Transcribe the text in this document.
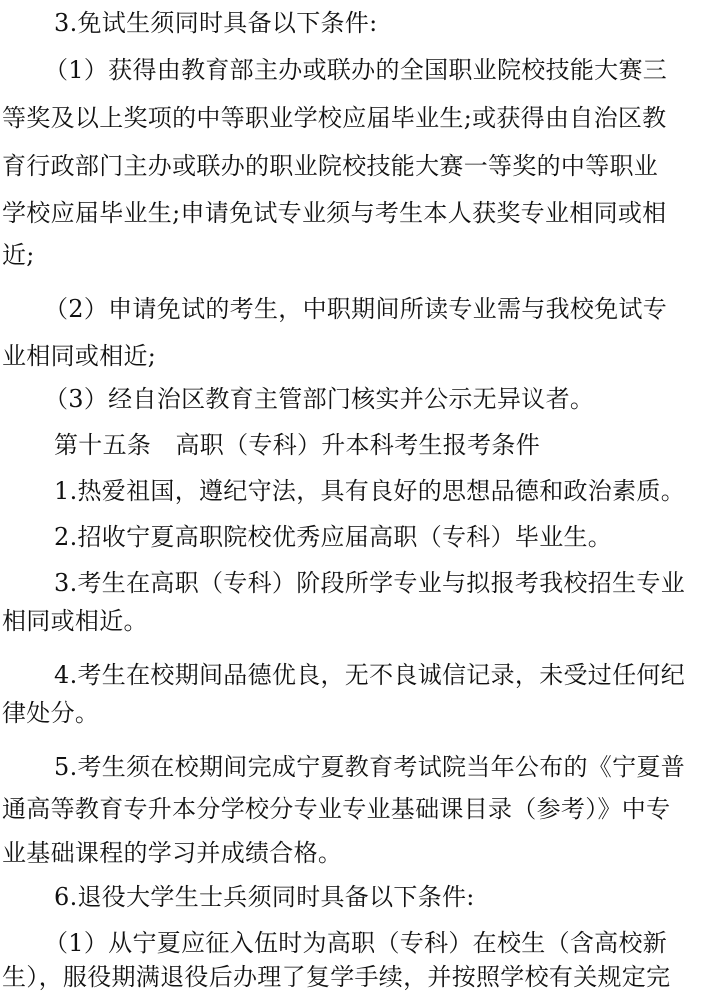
3.免试生须同时具备以下条件:
（1）获得由教育部主办或联办的全国职业院校技能大赛三
等奖及以上奖项的中等职业学校应届毕业生;或获得由自治区教
育行政部门主办或联办的职业院校技能大赛一等奖的中等职业
学校应届毕业生;申请免试专业须与考生本人获奖专业相同或相
近;
（2）申请免试的考生，中职期间所读专业需与我校免试专
业相同或相近;
（3）经自治区教育主管部门核实并公示无异议者。
第十五条　高职（专科）升本科考生报考条件
1.热爱祖国，遵纪守法，具有良好的思想品德和政治素质。
2.招收宁夏高职院校优秀应届高职（专科）毕业生。
3.考生在高职（专科）阶段所学专业与拟报考我校招生专业
相同或相近。
4.考生在校期间品德优良，无不良诚信记录，未受过任何纪
律处分。
5.考生须在校期间完成宁夏教育考试院当年公布的《宁夏普
通高等教育专升本分学校分专业专业基础课目录（参考）》中专
业基础课程的学习并成绩合格。
6.退役大学生士兵须同时具备以下条件:
（1）从宁夏应征入伍时为高职（专科）在校生（含高校新
生），服役期满退役后办理了复学手续，并按照学校有关规定完
